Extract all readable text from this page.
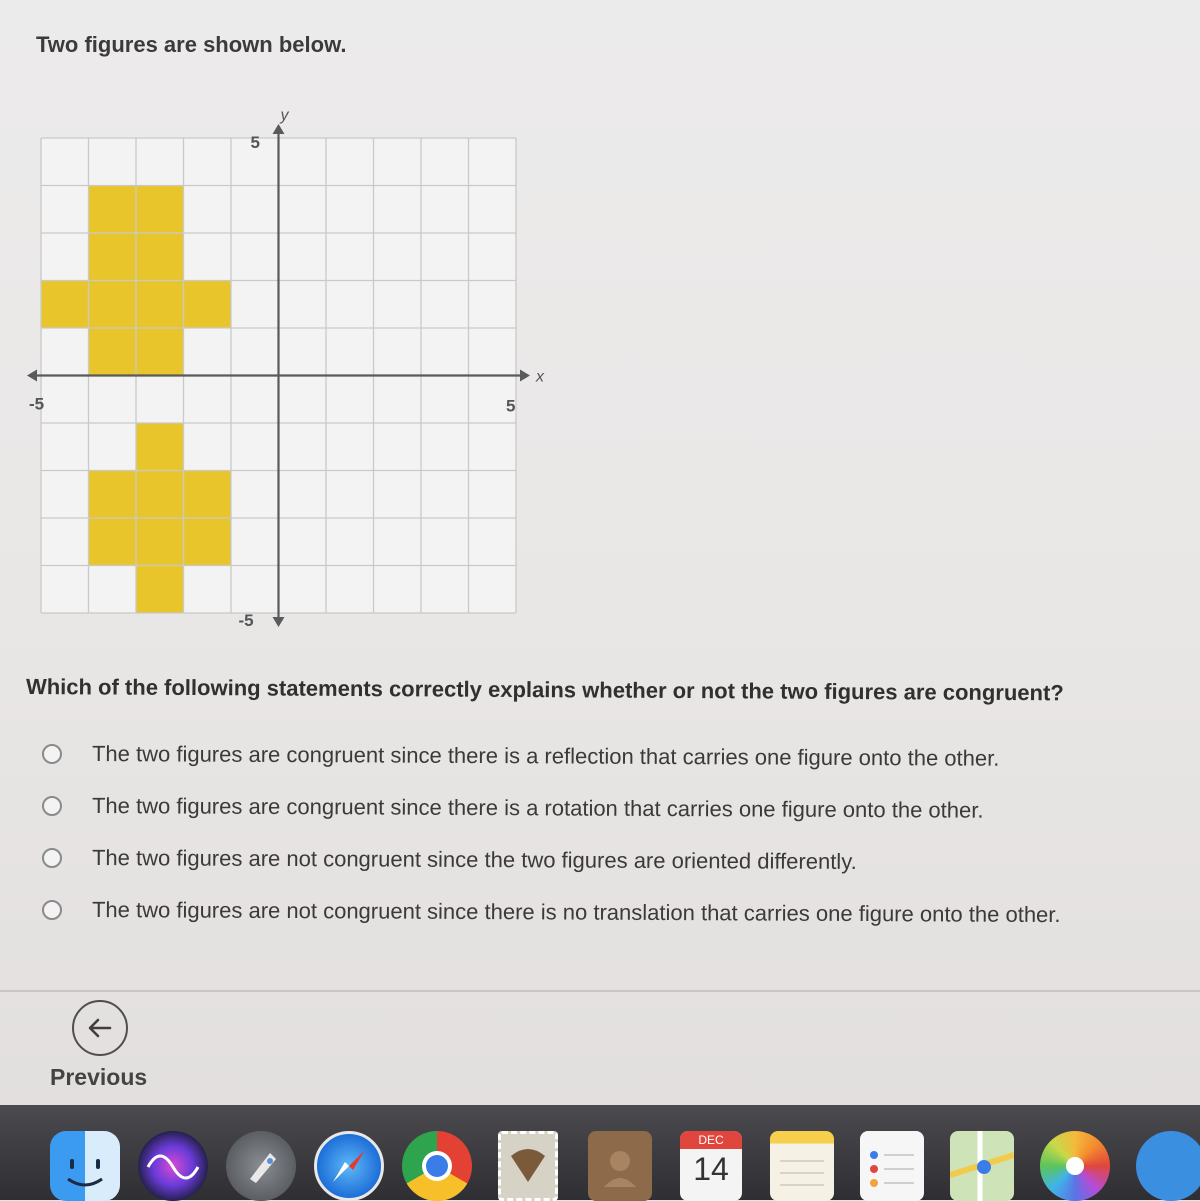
Two figures are shown below.
5
-5
-5	5
y
x
Which of the following statements correctly explains whether or not the two figures are congruent?
The two figures are congruent since there is a reflection that carries one figure onto the other.
The two figures are congruent since there is a rotation that carries one figure onto the other.
The two figures are not congruent since the two figures are oriented differently.
The two figures are not congruent since there is no translation that carries one figure onto the other.
Previous
DEC
14
